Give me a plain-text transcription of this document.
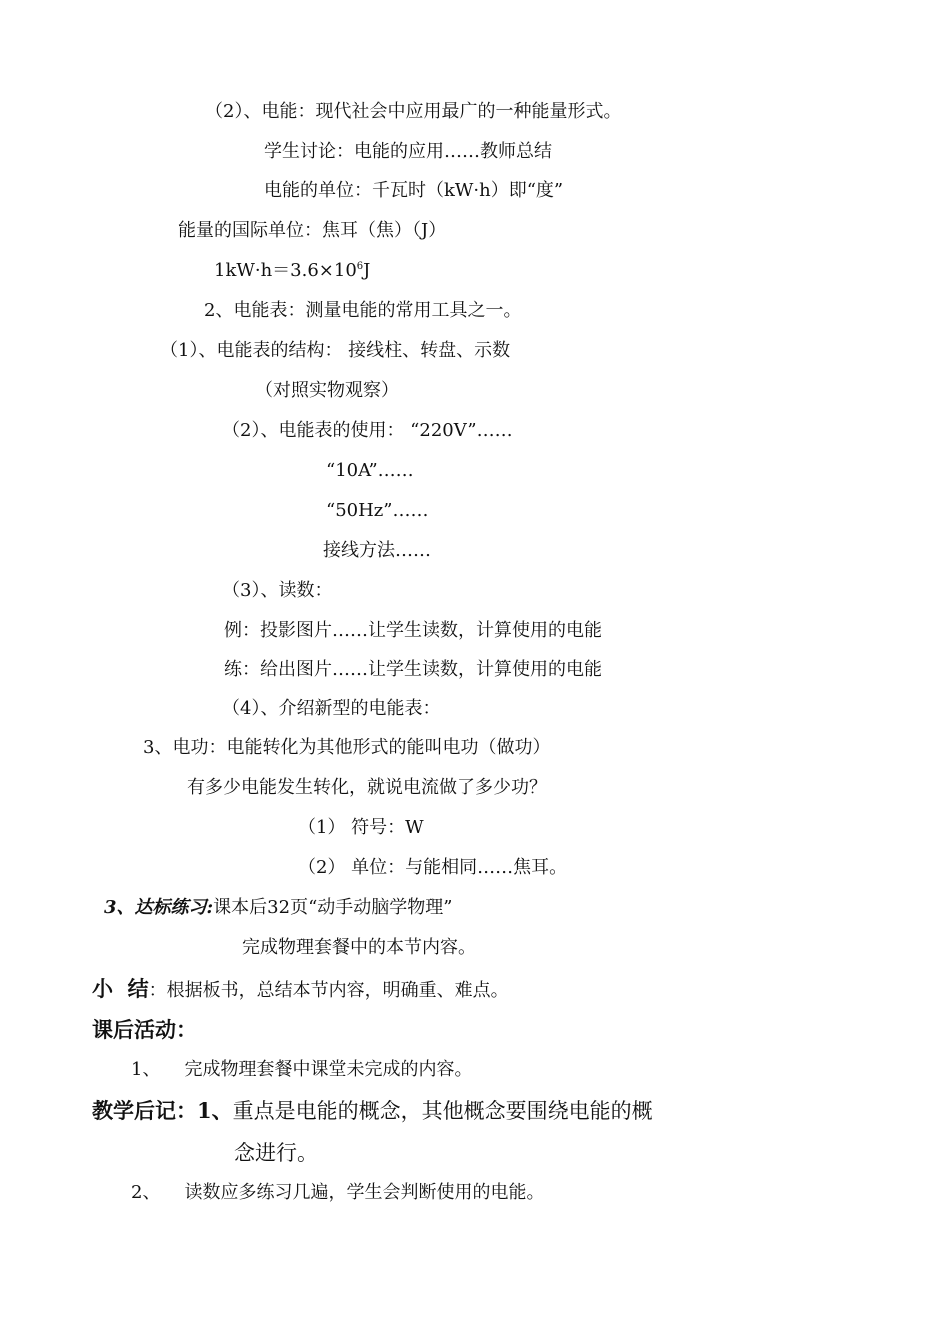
（2）、电能：现代社会中应用最广的一种能量形式。
学生讨论：电能的应用……教师总结
电能的单位：千瓦时（kW·h）即“度”
能量的国际单位：焦耳（焦）（J）
$1kW\cdot h=3.6\times 10^6J$
2、电能表：测量电能的常用工具之一。
（1）、电能表的结构： 接线柱、转盘、示数
（对照实物观察）
（2）、电能表的使用： “220V”……
“10A”……
“50Hz”……
接线方法……
（3）、读数：
例：投影图片……让学生读数，计算使用的电能
练：给出图片……让学生读数，计算使用的电能
（4）、介绍新型的电能表：
3、电功：电能转化为其他形式的能叫电功（做功）
有多少电能发生转化，就说电流做了多少功？
（1） 符号：W
（2） 单位：与能相同……焦耳。
3、达标练习:课本后32页“动手动脑学物理”
完成物理套餐中的本节内容。
小  结：根据板书，总结本节内容，明确重、难点。
课后活动：
1、 完成物理套餐中课堂未完成的内容。
教学后记：1、重点是电能的概念，其他概念要围绕电能的概
念进行。
2、 读数应多练习几遍，学生会判断使用的电能。
